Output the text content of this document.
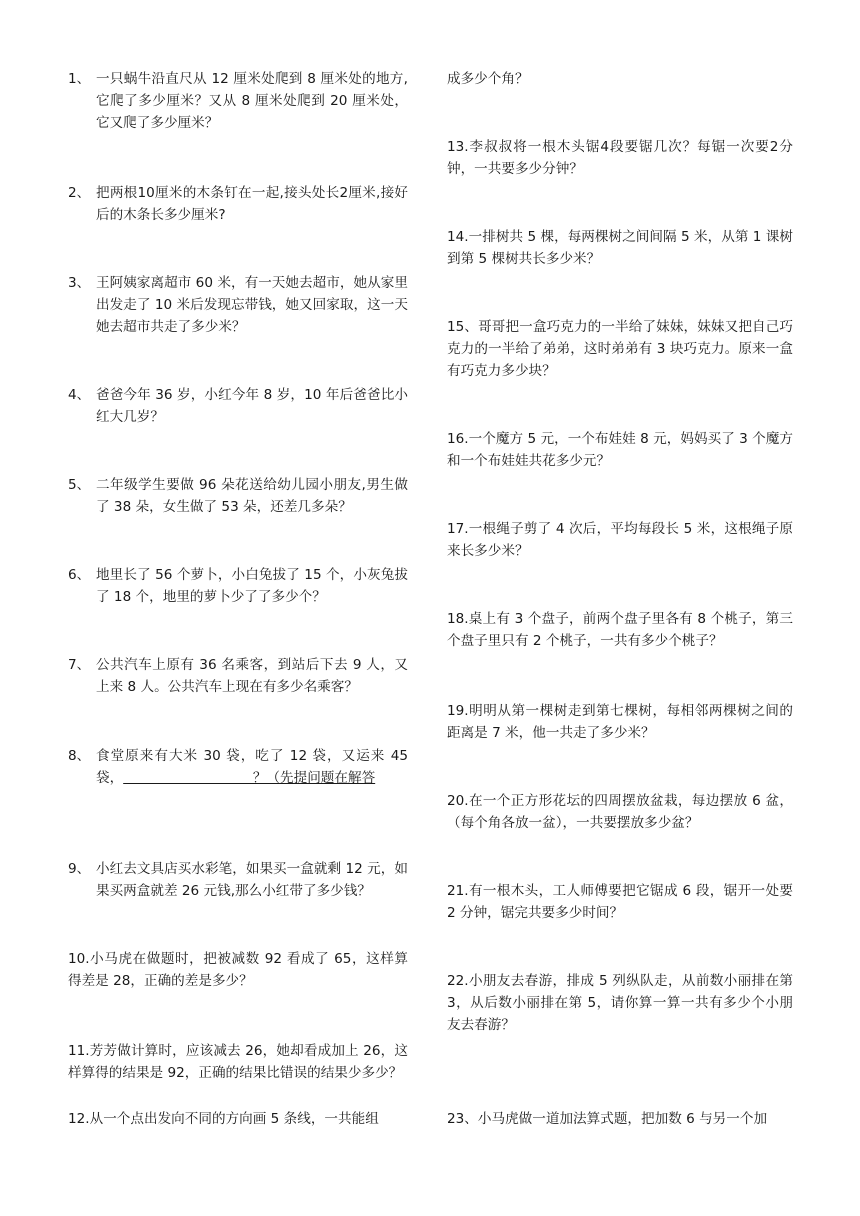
1、 一只蜗牛沿直尺从 12 厘米处爬到 8 厘米处的地方,它爬了多少厘米？又从 8 厘米处爬到 20 厘米处，它又爬了多少厘米？
2、 把两根10厘米的木条钉在一起,接头处长2厘米,接好后的木条长多少厘米?
3、 王阿姨家离超市 60 米，有一天她去超市，她从家里出发走了 10 米后发现忘带钱，她又回家取，这一天她去超市共走了多少米？
4、 爸爸今年 36 岁，小红今年 8 岁，10 年后爸爸比小红大几岁？
5、 二年级学生要做 96 朵花送给幼儿园小朋友,男生做了 38 朵，女生做了 53 朵，还差几多朵？
6、 地里长了 56 个萝卜，小白兔拔了 15 个，小灰兔拔了 18 个，地里的萝卜少了了多少个？
7、 公共汽车上原有 36 名乘客，到站后下去 9 人，又上来 8 人。公共汽车上现在有多少名乘客？
8、 食堂原来有大米 30 袋，吃了 12 袋，又运来 45 袋，                              ？（先提问题在解答
9、 小红去文具店买水彩笔，如果买一盒就剩 12 元，如果买两盒就差 26 元钱,那么小红带了多少钱？
10.小马虎在做题时，把被减数 92 看成了 65，这样算得差是 28，正确的差是多少？
11.芳芳做计算时，应该减去 26，她却看成加上 26，这样算得的结果是 92，正确的结果比错误的结果少多少？
12.从一个点出发向不同的方向画 5 条线，一共能组
成多少个角？
13.李叔叔将一根木头锯4段要锯几次？每锯一次要2分钟，一共要多少分钟？
14.一排树共 5 棵，每两棵树之间间隔 5 米，从第 1 课树到第 5 棵树共长多少米？
15、哥哥把一盒巧克力的一半给了妹妹，妹妹又把自己巧克力的一半给了弟弟，这时弟弟有 3 块巧克力。原来一盒有巧克力多少块？
16.一个魔方 5 元，一个布娃娃 8 元，妈妈买了 3 个魔方和一个布娃娃共花多少元？
17.一根绳子剪了 4 次后，平均每段长 5 米，这根绳子原来长多少米？
18.桌上有 3 个盘子，前两个盘子里各有 8 个桃子，第三个盘子里只有 2 个桃子，一共有多少个桃子？
19.明明从第一棵树走到第七棵树，每相邻两棵树之间的距离是 7 米，他一共走了多少米？
20.在一个正方形花坛的四周摆放盆栽，每边摆放 6 盆，（每个角各放一盆），一共要摆放多少盆？
21.有一根木头，工人师傅要把它锯成 6 段，锯开一处要 2 分钟，锯完共要多少时间？
22.小朋友去春游，排成 5 列纵队走，从前数小丽排在第 3，从后数小丽排在第 5，请你算一算一共有多少个小朋友去春游？
23、小马虎做一道加法算式题，把加数 6 与另一个加
